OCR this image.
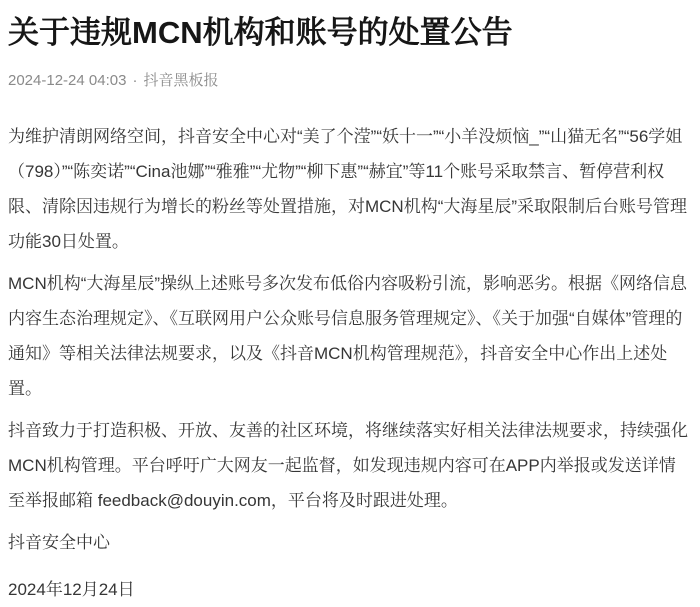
关于违规MCN机构和账号的处置公告
2024-12-24 04:03 · 抖音黑板报

为维护清朗网络空间，抖音安全中心对“美了个滢”“妖十一”“小羊没烦恼_”“山猫无名”“56学姐（798）”“陈奕诺”“Cina池娜”“雅雅”“尤物”“柳下惠”“赫宜”等11个账号采取禁言、暂停营利权限、清除因违规行为增长的粉丝等处置措施，对MCN机构“大海星辰”采取限制后台账号管理功能30日处置。

MCN机构“大海星辰”操纵上述账号多次发布低俗内容吸粉引流，影响恶劣。根据《网络信息内容生态治理规定》、《互联网用户公众账号信息服务管理规定》、《关于加强“自媒体”管理的通知》等相关法律法规要求，以及《抖音MCN机构管理规范》，抖音安全中心作出上述处置。

抖音致力于打造积极、开放、友善的社区环境，将继续落实好相关法律法规要求，持续强化MCN机构管理。平台呼吁广大网友一起监督，如发现违规内容可在APP内举报或发送详情至举报邮箱 feedback@douyin.com，平台将及时跟进处理。

抖音安全中心

2024年12月24日
